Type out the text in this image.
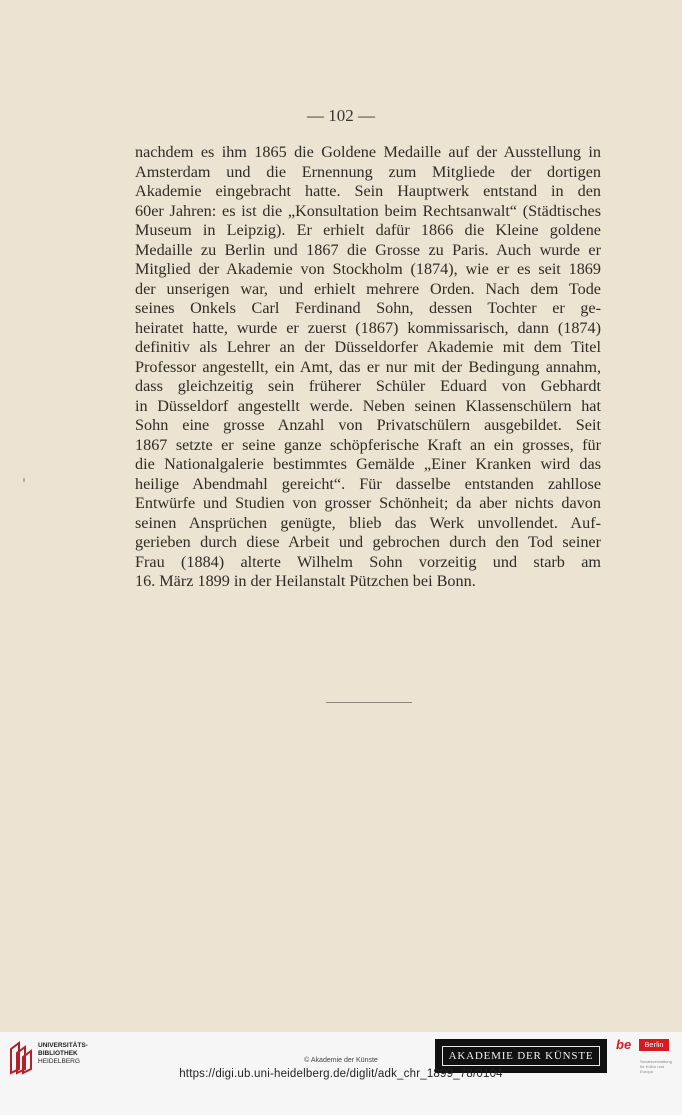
— 102 —
nachdem es ihm 1865 die Goldene Medaille auf der Ausstellung in
Amsterdam und die Ernennung zum Mitgliede der dortigen
Akademie eingebracht hatte. Sein Hauptwerk entstand in den
60er Jahren: es ist die „Konsultation beim Rechtsanwalt“ (Städtisches
Museum in Leipzig). Er erhielt dafür 1866 die Kleine goldene
Medaille zu Berlin und 1867 die Grosse zu Paris. Auch wurde er
Mitglied der Akademie von Stockholm (1874), wie er es seit 1869
der unserigen war, und erhielt mehrere Orden. Nach dem Tode
seines Onkels Carl Ferdinand Sohn, dessen Tochter er ge-
heiratet hatte, wurde er zuerst (1867) kommissarisch, dann (1874)
definitiv als Lehrer an der Düsseldorfer Akademie mit dem Titel
Professor angestellt, ein Amt, das er nur mit der Bedingung annahm,
dass gleichzeitig sein früherer Schüler Eduard von Gebhardt
in Düsseldorf angestellt werde. Neben seinen Klassenschülern hat
Sohn eine grosse Anzahl von Privatschülern ausgebildet. Seit
1867 setzte er seine ganze schöpferische Kraft an ein grosses, für
die Nationalgalerie bestimmtes Gemälde „Einer Kranken wird das
heilige Abendmahl gereicht“. Für dasselbe entstanden zahllose
Entwürfe und Studien von grosser Schönheit; da aber nichts davon
seinen Ansprüchen genügte, blieb das Werk unvollendet. Auf-
gerieben durch diese Arbeit und gebrochen durch den Tod seiner
Frau (1884) alterte Wilhelm Sohn vorzeitig und starb am
16. März 1899 in der Heilanstalt Pützchen bei Bonn.
UNIVERSITÄTS-
BIBLIOTHEK
HEIDELBERG	AKADEMIE DER KÜNSTE
be	Berlin
Senatsverwaltung für Kultur und Europa
© Akademie der Künste
https://digi.ub.uni-heidelberg.de/diglit/adk_chr_1899_78/0104
